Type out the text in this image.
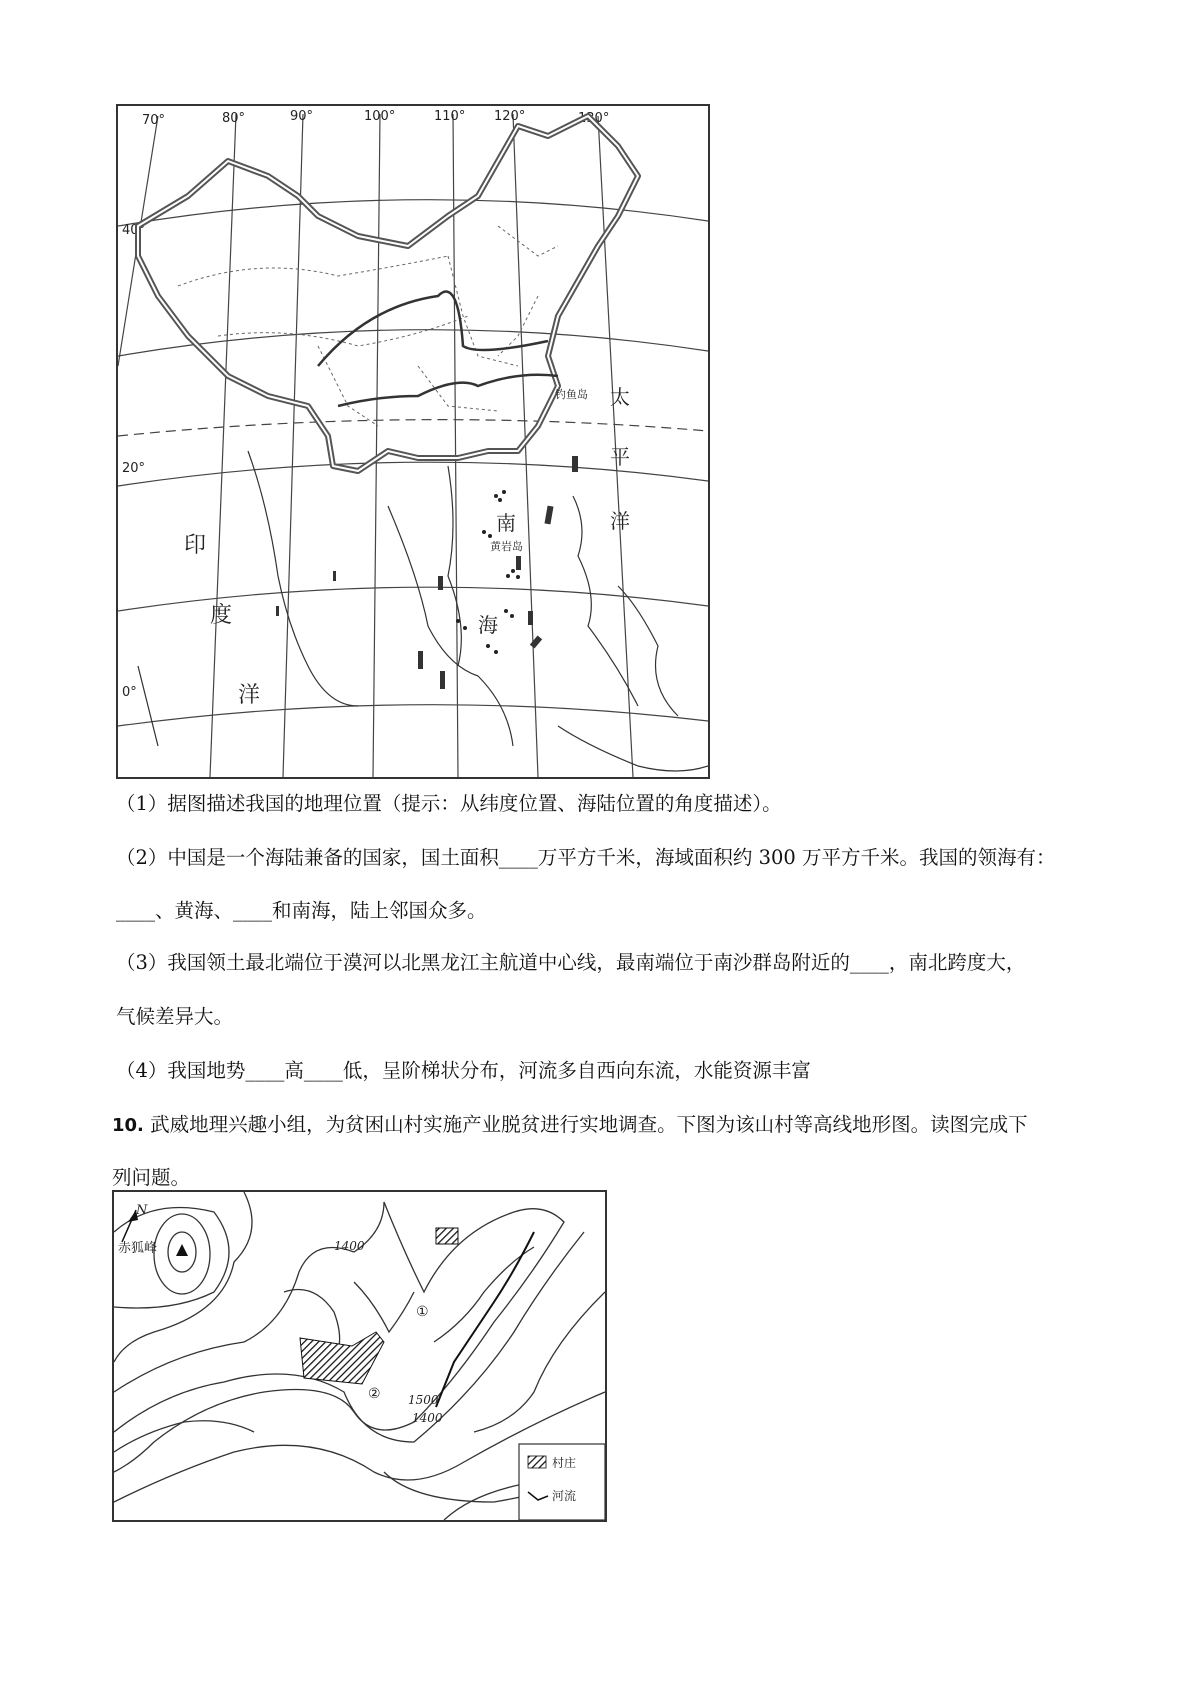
70°	80°	90°	100°	110° 120°	130°
40°
20°
0°
钓鱼岛
黄岩岛
太
平
洋
印
度
洋
南
海
（1）据图描述我国的地理位置（提示：从纬度位置、海陆位置的角度描述）。
（2）中国是一个海陆兼备的国家，国土面积____万平方千米，海域面积约 300 万平方千米。我国的领海有：
____、黄海、____和南海，陆上邻国众多。
（3）我国领土最北端位于漠河以北黑龙江主航道中心线，最南端位于南沙群岛附近的____，南北跨度大，
气候差异大。
（4）我国地势____高____低，呈阶梯状分布，河流多自西向东流，水能资源丰富
10. 武威地理兴趣小组，为贫困山村实施产业脱贫进行实地调查。下图为该山村等高线地形图。读图完成下
列问题。
赤狐峰
N
1400
1500
1400
①
②
村庄
河流
